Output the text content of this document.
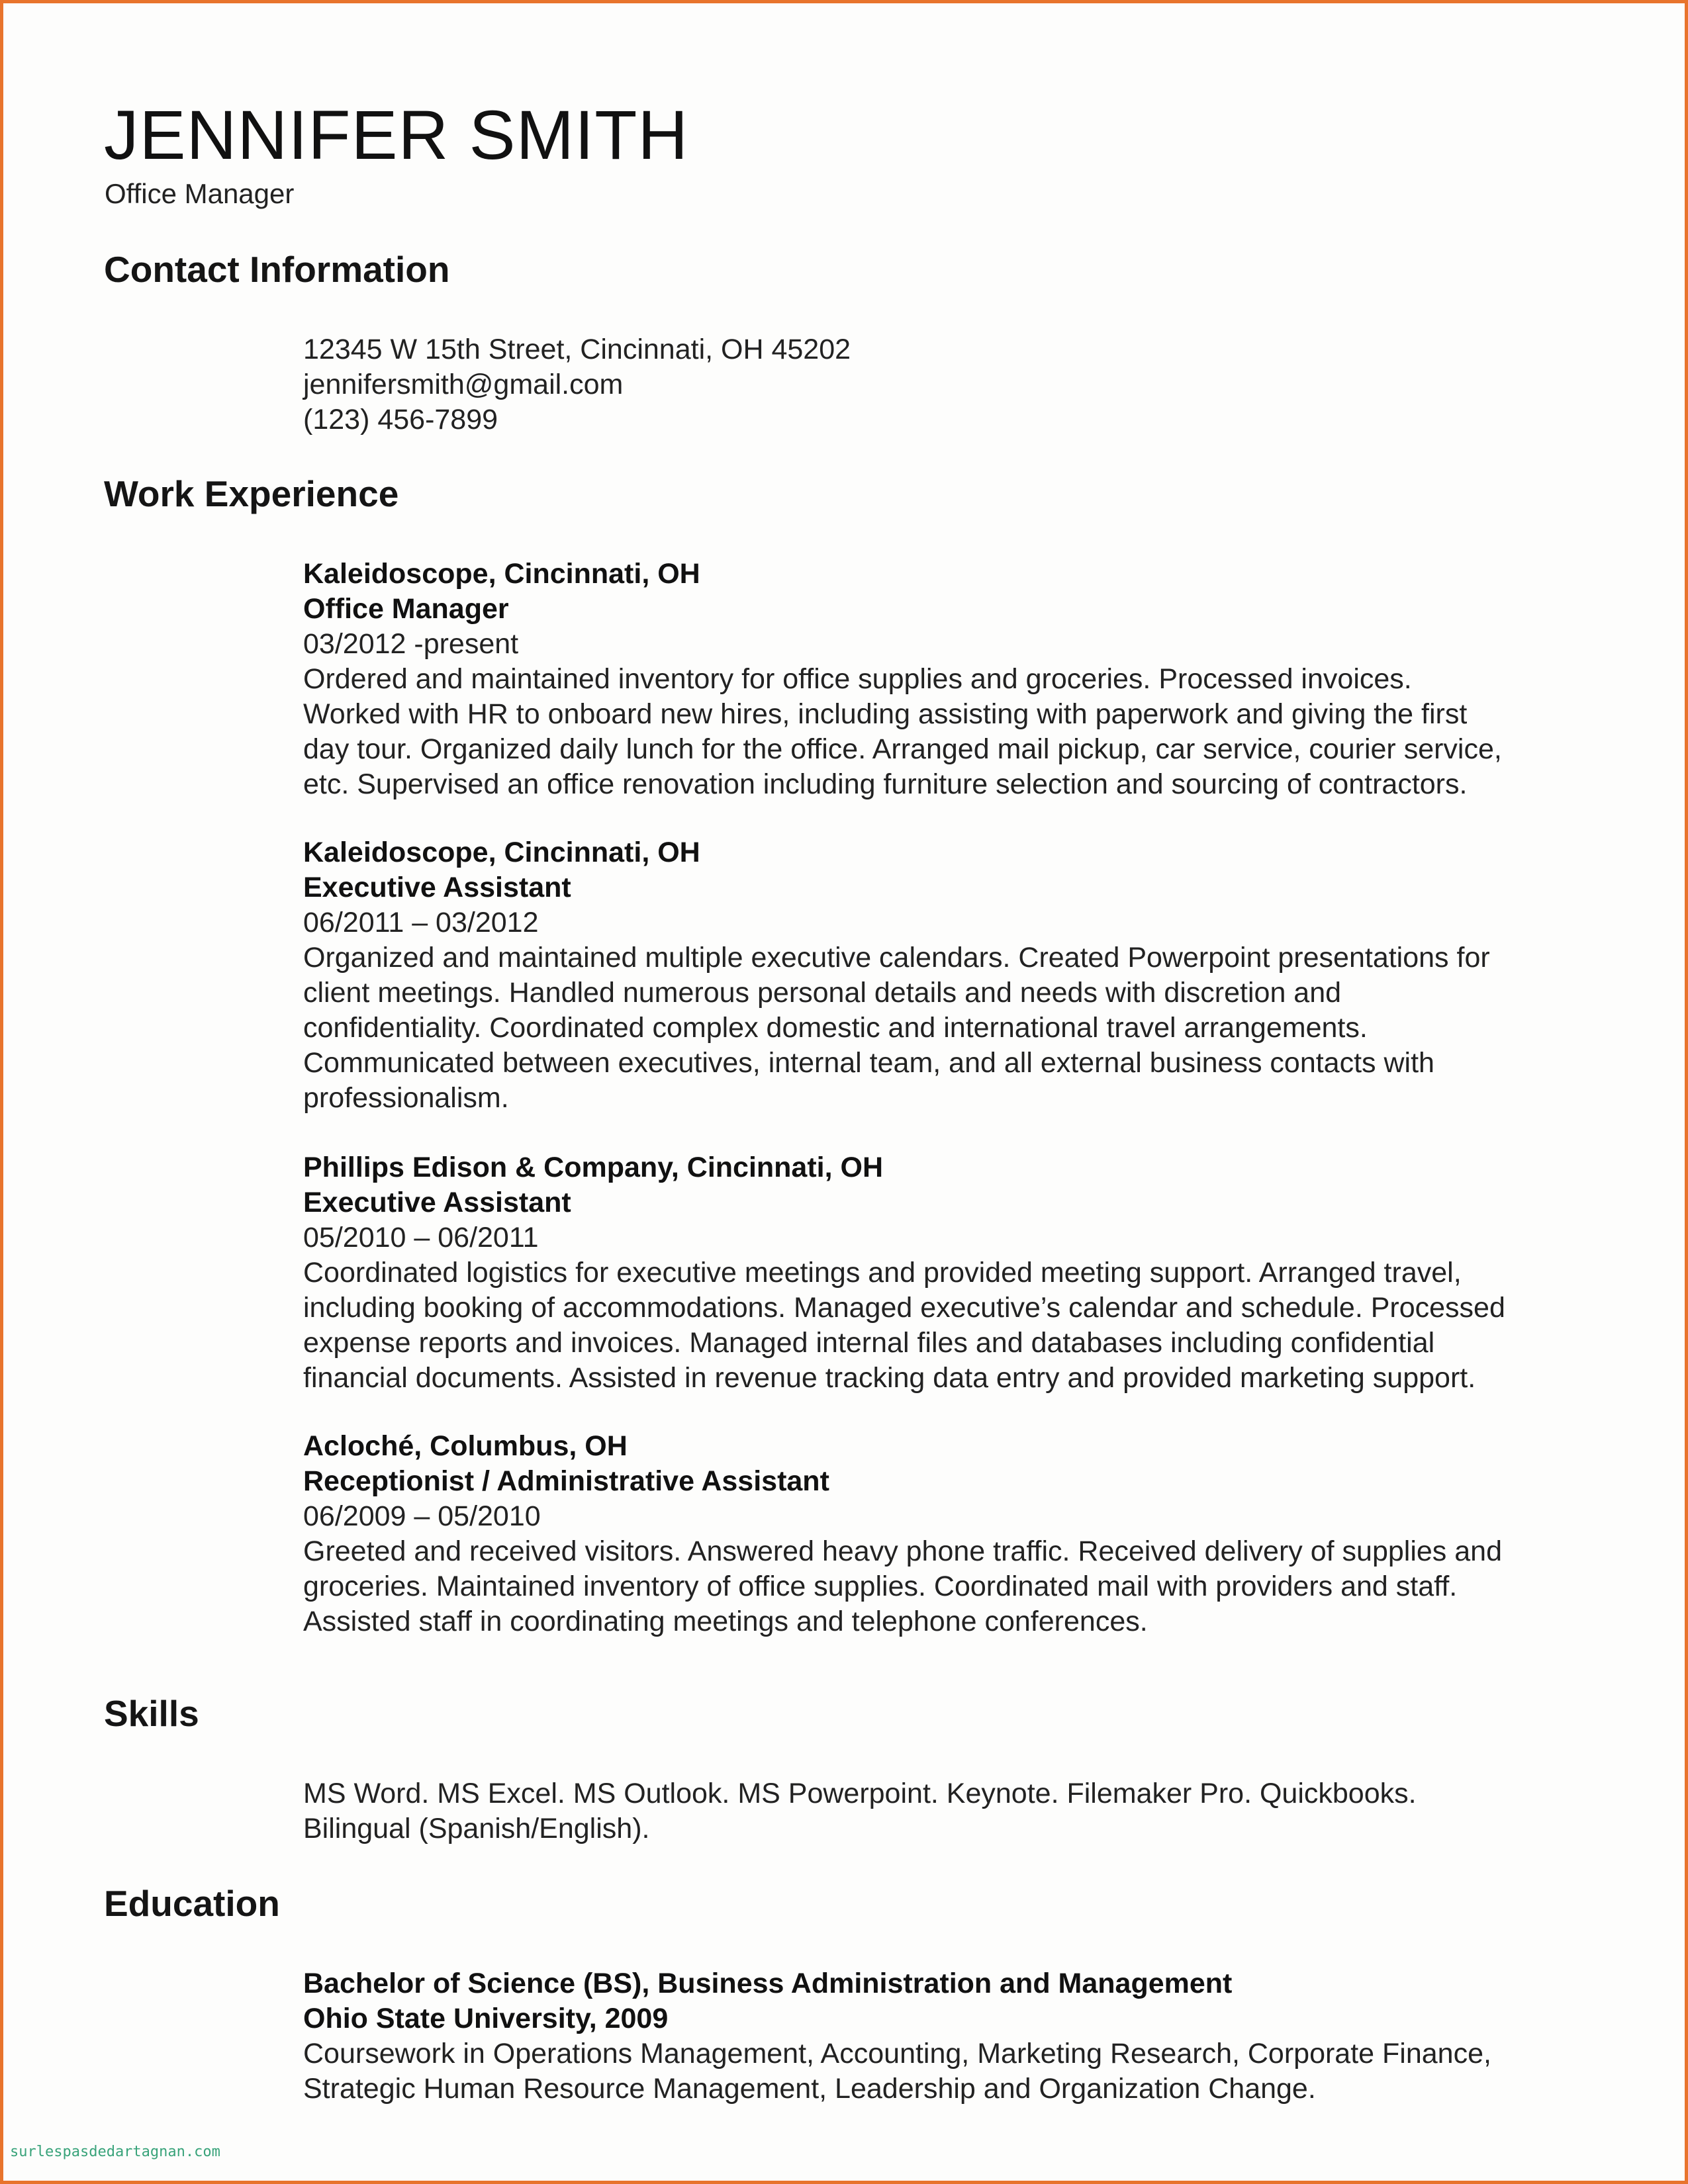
JENNIFER SMITH
Office Manager
Contact Information
12345 W 15th Street, Cincinnati, OH 45202
jennifersmith@gmail.com
(123) 456-7899
Work Experience
Kaleidoscope, Cincinnati, OH
Office Manager
03/2012 -present
Ordered and maintained inventory for office supplies and groceries. Processed invoices.
Worked with HR to onboard new hires, including assisting with paperwork and giving the first
day tour. Organized daily lunch for the office. Arranged mail pickup, car service, courier service,
etc. Supervised an office renovation including furniture selection and sourcing of contractors.
Kaleidoscope, Cincinnati, OH
Executive Assistant
06/2011 – 03/2012
Organized and maintained multiple executive calendars. Created Powerpoint presentations for
client meetings. Handled numerous personal details and needs with discretion and
confidentiality. Coordinated complex domestic and international travel arrangements.
Communicated between executives, internal team, and all external business contacts with
professionalism.
Phillips Edison & Company, Cincinnati, OH
Executive Assistant
05/2010 – 06/2011
Coordinated logistics for executive meetings and provided meeting support. Arranged travel,
including booking of accommodations. Managed executive’s calendar and schedule. Processed
expense reports and invoices. Managed internal files and databases including confidential
financial documents. Assisted in revenue tracking data entry and provided marketing support.
Acloché, Columbus, OH
Receptionist / Administrative Assistant
06/2009 – 05/2010
Greeted and received visitors. Answered heavy phone traffic. Received delivery of supplies and
groceries. Maintained inventory of office supplies. Coordinated mail with providers and staff.
Assisted staff in coordinating meetings and telephone conferences.
Skills
MS Word. MS Excel. MS Outlook. MS Powerpoint. Keynote. Filemaker Pro. Quickbooks.
Bilingual (Spanish/English).
Education
Bachelor of Science (BS), Business Administration and Management
Ohio State University, 2009
Coursework in Operations Management, Accounting, Marketing Research, Corporate Finance,
Strategic Human Resource Management, Leadership and Organization Change.
surlespasdedartagnan.com
